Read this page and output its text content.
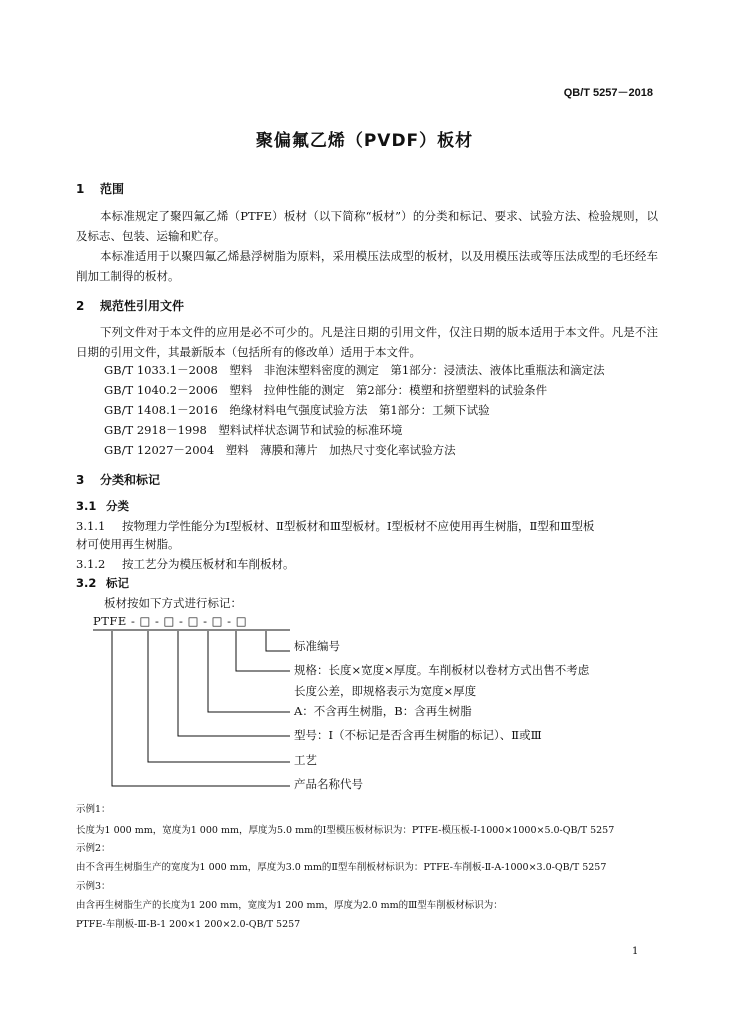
QB/T 5257－2018
聚偏氟乙烯（PVDF）板材
1 范围
本标准规定了聚四氟乙烯（PTFE）板材（以下简称“板材”）的分类和标记、要求、试验方法、检验规则，以及标志、包装、运输和贮存。
本标准适用于以聚四氟乙烯悬浮树脂为原料，采用模压法成型的板材，以及用模压法或等压法成型的毛坯经车削加工制得的板材。
2 规范性引用文件
下列文件对于本文件的应用是必不可少的。凡是注日期的引用文件，仅注日期的版本适用于本文件。凡是不注日期的引用文件，其最新版本（包括所有的修改单）适用于本文件。
GB/T 1033.1－2008　塑料　非泡沫塑料密度的测定　第1部分：浸渍法、液体比重瓶法和滴定法
GB/T 1040.2－2006　塑料　拉伸性能的测定　第2部分：模塑和挤塑塑料的试验条件
GB/T 1408.1－2016　绝缘材料电气强度试验方法　第1部分：工频下试验
GB/T 2918－1998　塑料试样状态调节和试验的标准环境
GB/T 12027－2004　塑料　薄膜和薄片　加热尺寸变化率试验方法
3 分类和标记
3.1 分类
3.1.1 按物理力学性能分为Ⅰ型板材、Ⅱ型板材和Ⅲ型板材。Ⅰ型板材不应使用再生树脂，Ⅱ型和Ⅲ型板
材可使用再生树脂。
3.1.2 按工艺分为模压板材和车削板材。
3.2 标记
板材按如下方式进行标记：
PTFE - □ - □ - □ - □ - □
标准编号
规格：长度×宽度×厚度。车削板材以卷材方式出售不考虑
长度公差，即规格表示为宽度×厚度
A：不含再生树脂，B：含再生树脂
型号：Ⅰ（不标记是否含再生树脂的标记）、Ⅱ或Ⅲ
工艺
产品名称代号
示例1：
长度为1 000 mm，宽度为1 000 mm，厚度为5.0 mm的Ⅰ型模压板材标识为：PTFE-模压板-Ⅰ-1000×1000×5.0-QB/T 5257
示例2：
由不含再生树脂生产的宽度为1 000 mm，厚度为3.0 mm的Ⅱ型车削板材标识为：PTFE-车削板-Ⅱ-A-1000×3.0-QB/T 5257
示例3：
由含再生树脂生产的长度为1 200 mm，宽度为1 200 mm，厚度为2.0 mm的Ⅲ型车削板材标识为：
PTFE-车削板-Ⅲ-B-1 200×1 200×2.0-QB/T 5257
1
